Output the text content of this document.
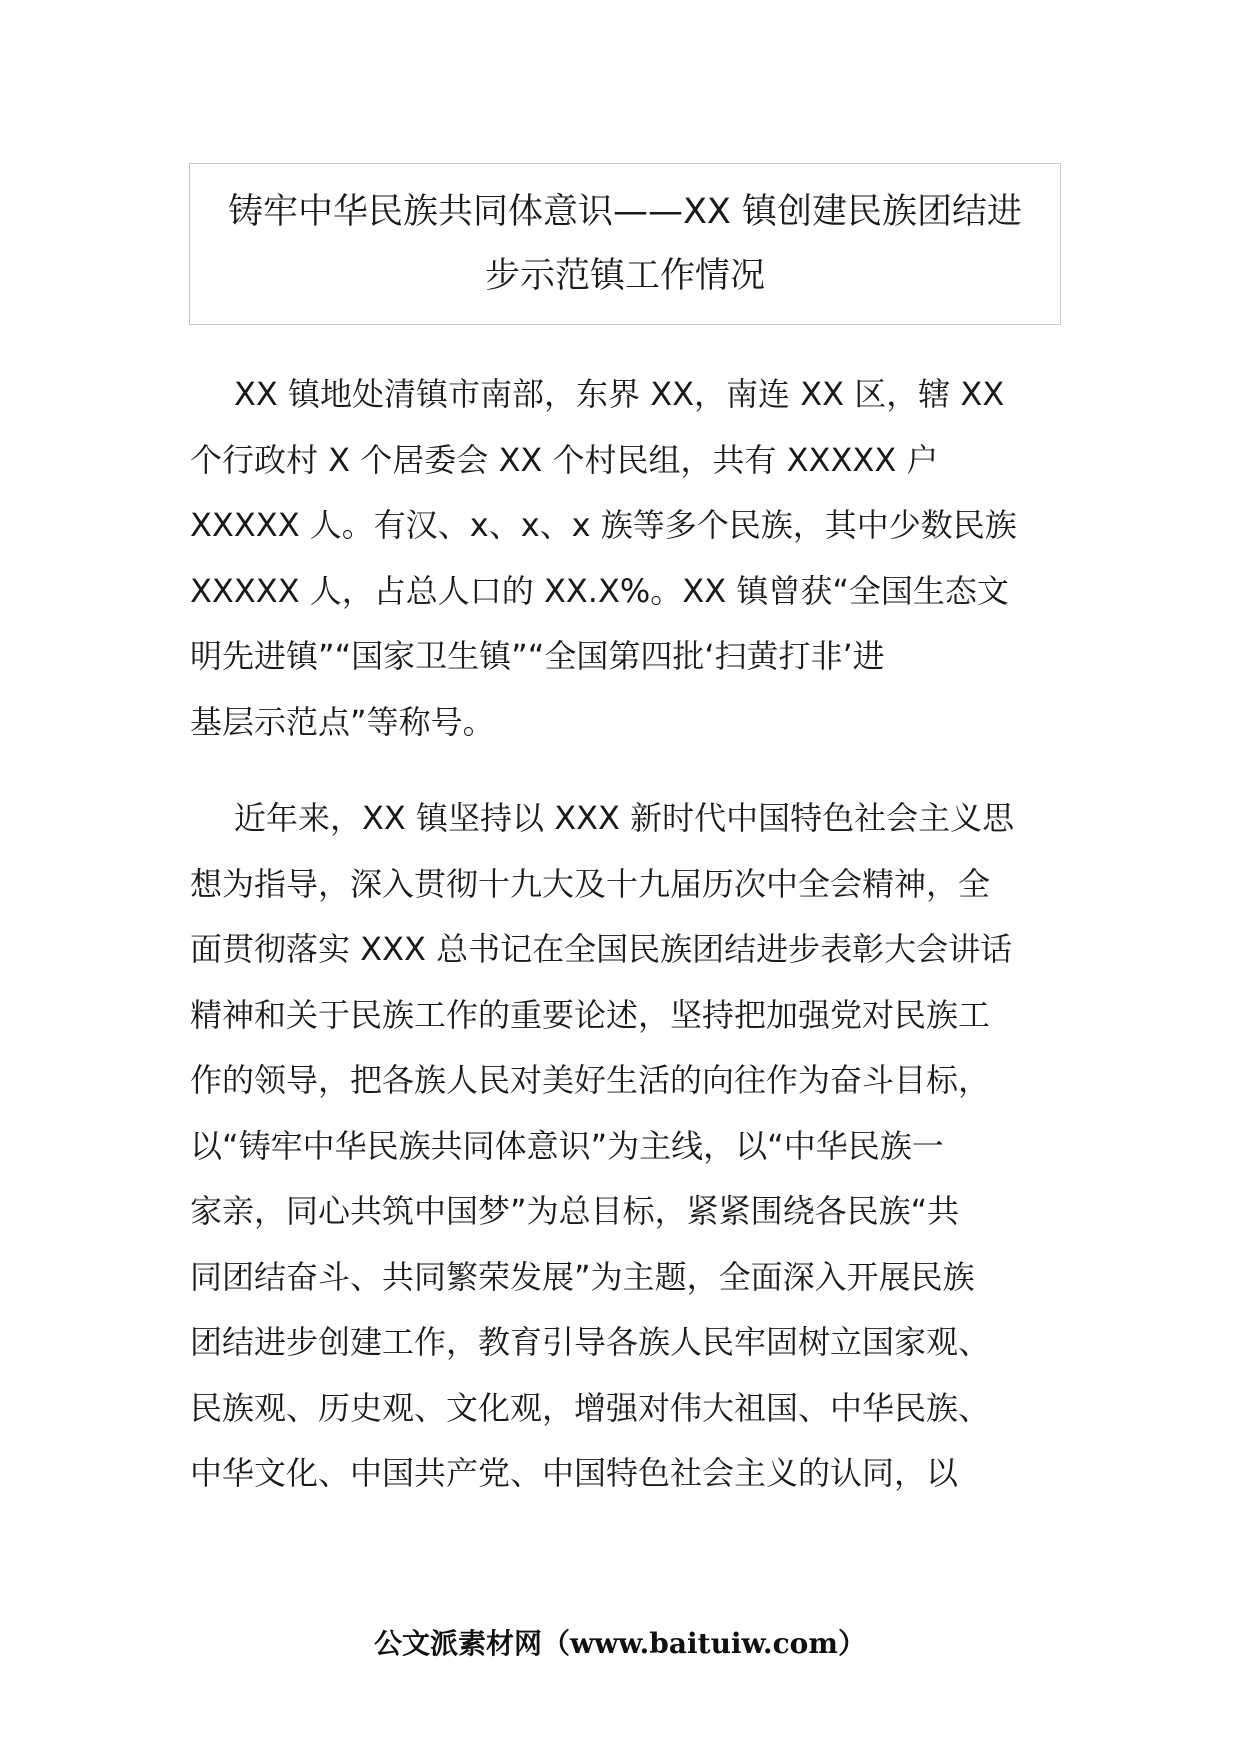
铸牢中华民族共同体意识——XX 镇创建民族团结进
步示范镇工作情况

XX 镇地处清镇市南部，东界 XX，南连 XX 区，辖 XX
个行政村 X 个居委会 XX 个村民组，共有 XXXXX 户
XXXXX 人。有汉、x、x、x 族等多个民族，其中少数民族
XXXXX 人，占总人口的 XX.X%。XX 镇曾获“全国生态文
明先进镇”“国家卫生镇”“全国第四批‘扫黄打非’进
基层示范点”等称号。

近年来，XX 镇坚持以 XXX 新时代中国特色社会主义思
想为指导，深入贯彻十九大及十九届历次中全会精神，全
面贯彻落实 XXX 总书记在全国民族团结进步表彰大会讲话
精神和关于民族工作的重要论述，坚持把加强党对民族工
作的领导，把各族人民对美好生活的向往作为奋斗目标，
以“铸牢中华民族共同体意识”为主线，以“中华民族一
家亲，同心共筑中国梦”为总目标，紧紧围绕各民族“共
同团结奋斗、共同繁荣发展”为主题，全面深入开展民族
团结进步创建工作，教育引导各族人民牢固树立国家观、
民族观、历史观、文化观，增强对伟大祖国、中华民族、
中华文化、中国共产党、中国特色社会主义的认同，以

公文派素材网（www.baituiw.com）
